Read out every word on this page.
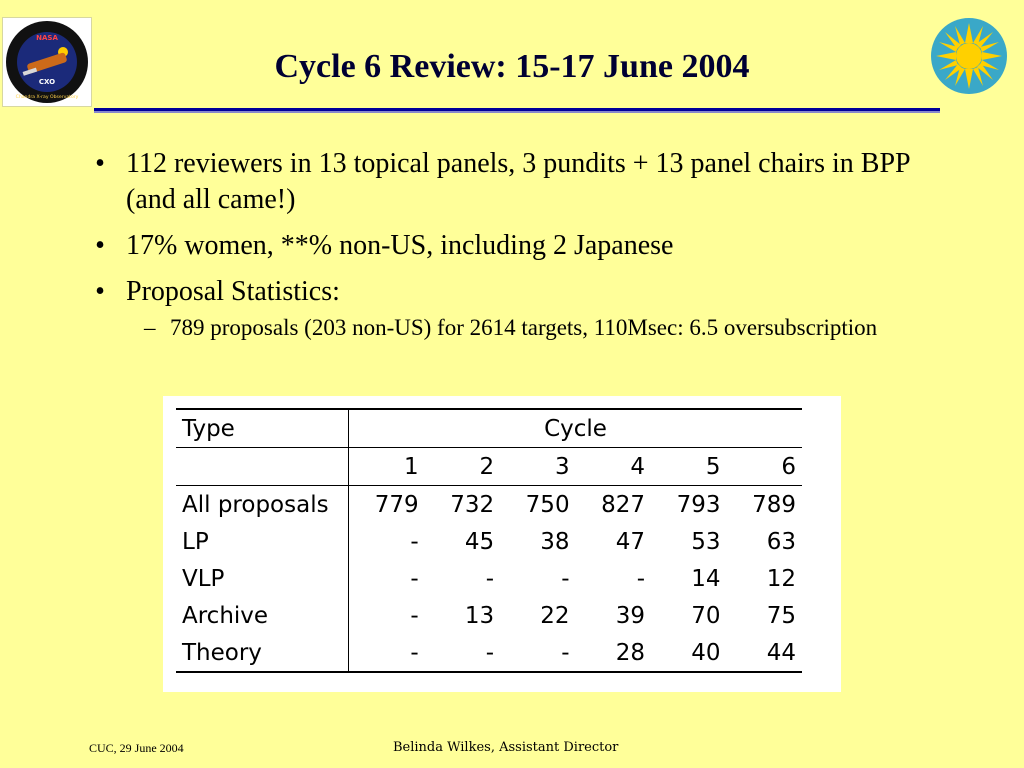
NASA
CXO
Chandra X-ray Observatory
Cycle 6 Review: 15-17 June 2004
• 112 reviewers in 13 topical panels, 3 pundits + 13 panel chairs in BPP (and all came!)
• 17% women, **% non-US, including 2 Japanese
• Proposal Statistics:
– 789 proposals (203 non-US) for 2614 targets, 110Msec: 6.5 oversubscription
Type	Cycle					
	1	2	3	4	5	6
All proposals	779	732	750	827	793	789
LP	-	45	38	47	53	63
VLP	-	-	-	-	14	12
Archive	-	13	22	39	70	75
Theory	-	-	-	28	40	44
CUC, 29 June 2004	Belinda Wilkes, Assistant Director
